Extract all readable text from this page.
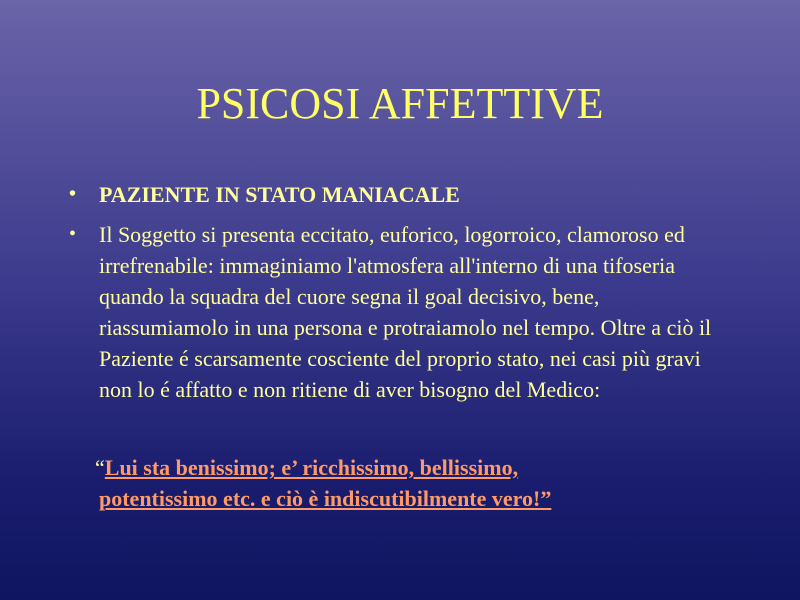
PSICOSI AFFETTIVE
• PAZIENTE IN STATO MANIACALE
• Il Soggetto si presenta eccitato, euforico, logorroico, clamoroso ed irrefrenabile: immaginiamo l'atmosfera all'interno di una tifoseria quando la squadra del cuore segna il goal decisivo, bene, riassumiamolo in una persona e protraiamolo nel tempo. Oltre a ciò il Paziente é scarsamente cosciente del proprio stato, nei casi più gravi non lo é affatto e non ritiene di aver bisogno del Medico:
“Lui sta benissimo; e’ ricchissimo, bellissimo,
potentissimo etc. e ciò è indiscutibilmente vero!”
